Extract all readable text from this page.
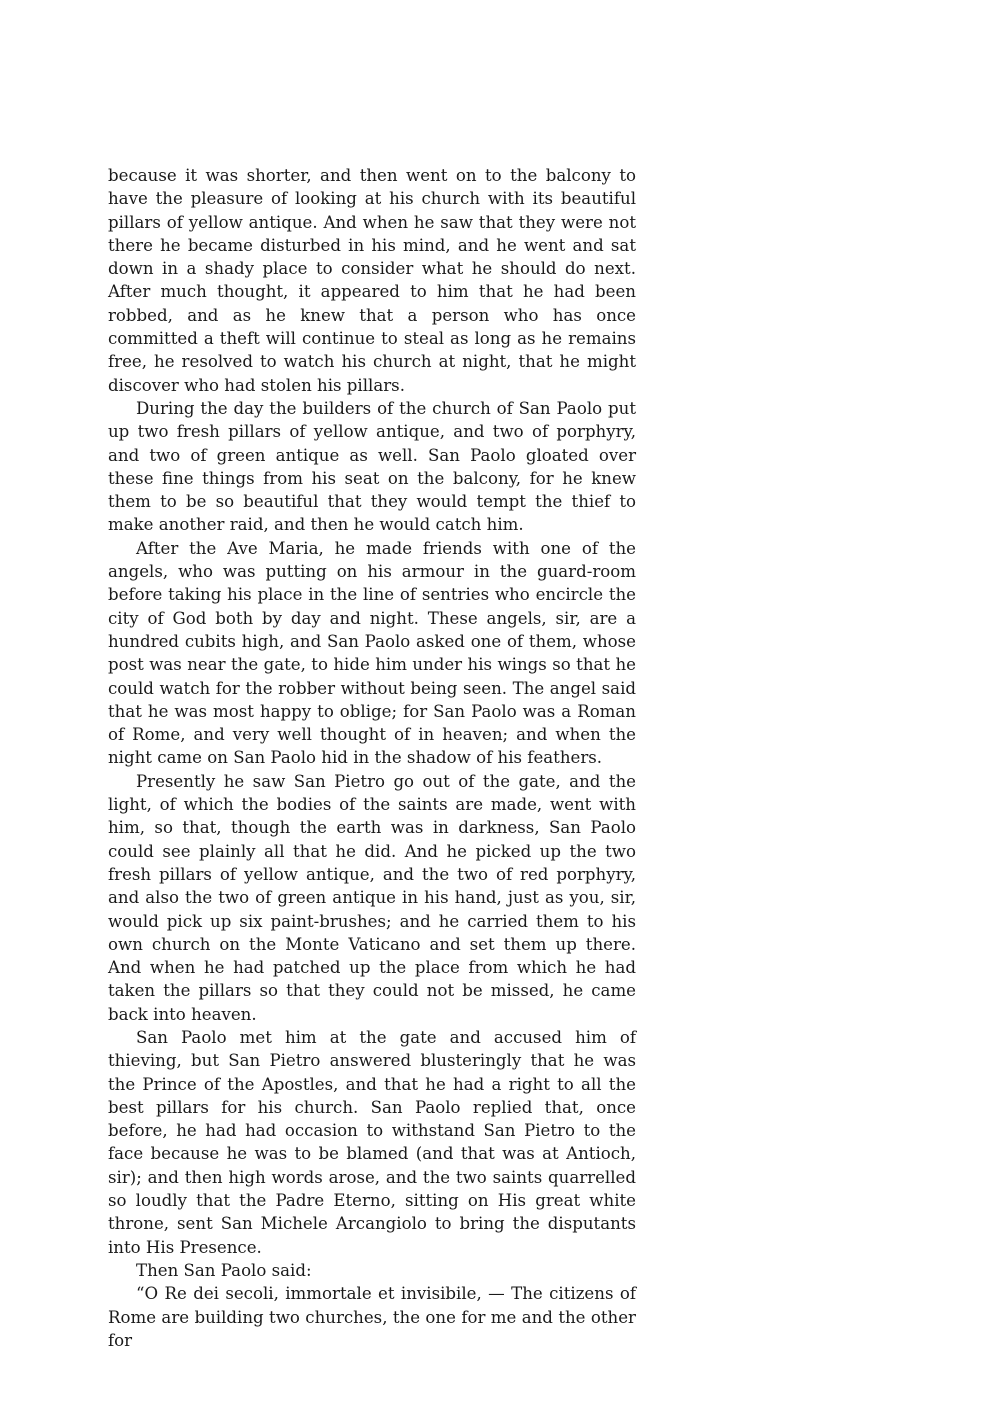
because it was shorter, and then went on to the balcony to have the pleasure of looking at his church with its beautiful pillars of yellow antique. And when he saw that they were not there he became disturbed in his mind, and he went and sat down in a shady place to consider what he should do next. After much thought, it appeared to him that he had been robbed, and as he knew that a person who has once committed a theft will continue to steal as long as he remains free, he resolved to watch his church at night, that he might discover who had stolen his pillars.

During the day the builders of the church of San Paolo put up two fresh pillars of yellow antique, and two of porphyry, and two of green antique as well. San Paolo gloated over these fine things from his seat on the balcony, for he knew them to be so beautiful that they would tempt the thief to make another raid, and then he would catch him.

After the Ave Maria, he made friends with one of the angels, who was putting on his armour in the guard-room before taking his place in the line of sentries who encircle the city of God both by day and night. These angels, sir, are a hundred cubits high, and San Paolo asked one of them, whose post was near the gate, to hide him under his wings so that he could watch for the robber without being seen. The angel said that he was most happy to oblige; for San Paolo was a Roman of Rome, and very well thought of in heaven; and when the night came on San Paolo hid in the shadow of his feathers.

Presently he saw San Pietro go out of the gate, and the light, of which the bodies of the saints are made, went with him, so that, though the earth was in darkness, San Paolo could see plainly all that he did. And he picked up the two fresh pillars of yellow antique, and the two of red porphyry, and also the two of green antique in his hand, just as you, sir, would pick up six paint-brushes; and he carried them to his own church on the Monte Vaticano and set them up there. And when he had patched up the place from which he had taken the pillars so that they could not be missed, he came back into heaven.

San Paolo met him at the gate and accused him of thieving, but San Pietro answered blusteringly that he was the Prince of the Apostles, and that he had a right to all the best pillars for his church. San Paolo replied that, once before, he had had occasion to withstand San Pietro to the face because he was to be blamed (and that was at Antioch, sir); and then high words arose, and the two saints quarrelled so loudly that the Padre Eterno, sitting on His great white throne, sent San Michele Arcangiolo to bring the disputants into His Presence.

Then San Paolo said:

“O Re dei secoli, immortale et invisibile, — The citizens of Rome are building two churches, the one for me and the other for
